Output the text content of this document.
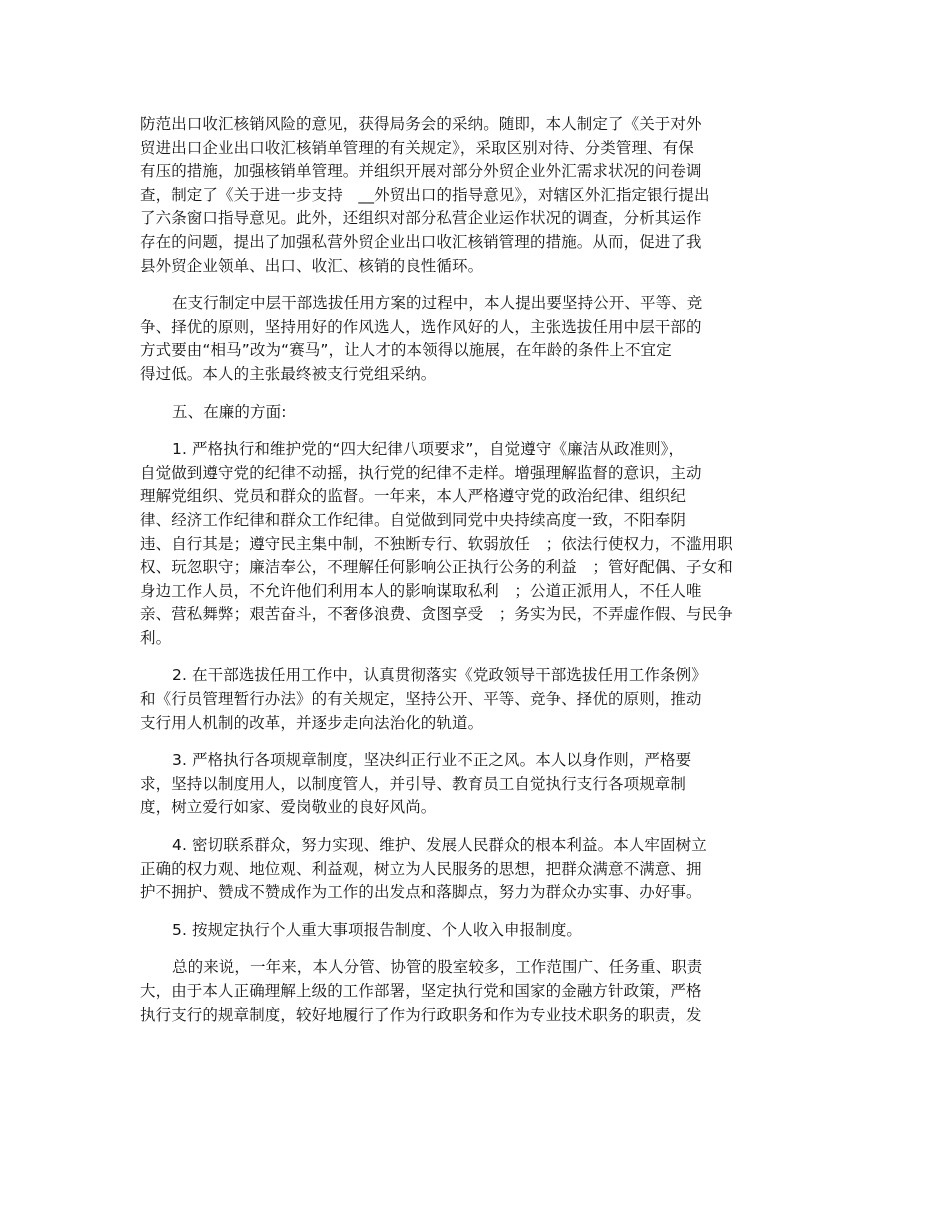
防范出口收汇核销风险的意见，获得局务会的采纳。随即，本人制定了《关于对外
贸进出口企业出口收汇核销单管理的有关规定》，采取区别对待、分类管理、有保
有压的措施，加强核销单管理。并组织开展对部分外贸企业外汇需求状况的问卷调
查，制定了《关于进一步支持　__外贸出口的指导意见》，对辖区外汇指定银行提出
了六条窗口指导意见。此外，还组织对部分私营企业运作状况的调查，分析其运作
存在的问题，提出了加强私营外贸企业出口收汇核销管理的措施。从而，促进了我
县外贸企业领单、出口、收汇、核销的良性循环。

在支行制定中层干部选拔任用方案的过程中，本人提出要坚持公开、平等、竞
争、择优的原则，坚持用好的作风选人，选作风好的人，主张选拔任用中层干部的
方式要由“相马”改为“赛马”，让人才的本领得以施展，在年龄的条件上不宜定
得过低。本人的主张最终被支行党组采纳。

五、在廉的方面:

1. 严格执行和维护党的“四大纪律八项要求”，自觉遵守《廉洁从政准则》，
自觉做到遵守党的纪律不动摇，执行党的纪律不走样。增强理解监督的意识，主动
理解党组织、党员和群众的监督。一年来，本人严格遵守党的政治纪律、组织纪
律、经济工作纪律和群众工作纪律。自觉做到同党中央持续高度一致，不阳奉阴
违、自行其是；遵守民主集中制，不独断专行、软弱放任　；依法行使权力，不滥用职
权、玩忽职守；廉洁奉公，不理解任何影响公正执行公务的利益　；管好配偶、子女和
身边工作人员，不允许他们利用本人的影响谋取私利　；公道正派用人，不任人唯
亲、营私舞弊；艰苦奋斗，不奢侈浪费、贪图享受　；务实为民，不弄虚作假、与民争
利。

2. 在干部选拔任用工作中，认真贯彻落实《党政领导干部选拔任用工作条例》
和《行员管理暂行办法》的有关规定，坚持公开、平等、竞争、择优的原则，推动
支行用人机制的改革，并逐步走向法治化的轨道。

3. 严格执行各项规章制度，坚决纠正行业不正之风。本人以身作则，严格要
求，坚持以制度用人，以制度管人，并引导、教育员工自觉执行支行各项规章制
度，树立爱行如家、爱岗敬业的良好风尚。

4. 密切联系群众，努力实现、维护、发展人民群众的根本利益。本人牢固树立
正确的权力观、地位观、利益观，树立为人民服务的思想，把群众满意不满意、拥
护不拥护、赞成不赞成作为工作的出发点和落脚点，努力为群众办实事、办好事。

5. 按规定执行个人重大事项报告制度、个人收入申报制度。

总的来说，一年来，本人分管、协管的股室较多，工作范围广、任务重、职责
大，由于本人正确理解上级的工作部署，坚定执行党和国家的金融方针政策，严格
执行支行的规章制度，较好地履行了作为行政职务和作为专业技术职务的职责，发
